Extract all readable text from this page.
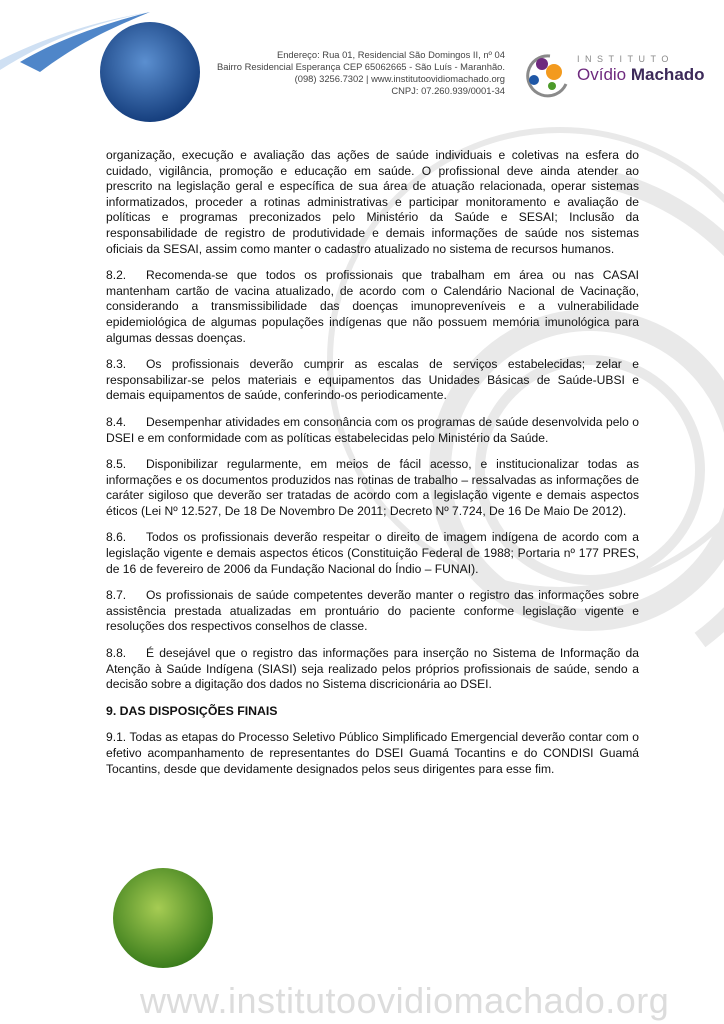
Endereço: Rua 01, Residencial São Domingos II, nº 04
Bairro Residencial Esperança CEP 65062665 - São Luís - Maranhão.
(098) 3256.7302 | www.institutoovidiomachado.org
CNPJ: 07.260.939/0001-34
INSTITUTO
Ovídio Machado

organização, execução e avaliação das ações de saúde individuais e coletivas na esfera do cuidado, vigilância, promoção e educação em saúde. O profissional deve ainda atender ao prescrito na legislação geral e específica de sua área de atuação relacionada, operar sistemas informatizados, proceder a rotinas administrativas e participar monitoramento e avaliação de políticas e programas preconizados pelo Ministério da Saúde e SESAI; Inclusão da responsabilidade de registro de produtividade e demais informações de saúde nos sistemas oficiais da SESAI, assim como manter o cadastro atualizado no sistema de recursos humanos.

8.2. Recomenda-se que todos os profissionais que trabalham em área ou nas CASAI mantenham cartão de vacina atualizado, de acordo com o Calendário Nacional de Vacinação, considerando a transmissibilidade das doenças imunopreveníveis e a vulnerabilidade epidemiológica de algumas populações indígenas que não possuem memória imunológica para algumas dessas doenças.

8.3. Os profissionais deverão cumprir as escalas de serviços estabelecidas; zelar e responsabilizar-se pelos materiais e equipamentos das Unidades Básicas de Saúde-UBSI e demais equipamentos de saúde, conferindo-os periodicamente.

8.4. Desempenhar atividades em consonância com os programas de saúde desenvolvida pelo o DSEI e em conformidade com as políticas estabelecidas pelo Ministério da Saúde.

8.5. Disponibilizar regularmente, em meios de fácil acesso, e institucionalizar todas as informações e os documentos produzidos nas rotinas de trabalho – ressalvadas as informações de caráter sigiloso que deverão ser tratadas de acordo com a legislação vigente e demais aspectos éticos (Lei Nº 12.527, De 18 De Novembro De 2011; Decreto Nº 7.724, De 16 De Maio De 2012).

8.6. Todos os profissionais deverão respeitar o direito de imagem indígena de acordo com a legislação vigente e demais aspectos éticos (Constituição Federal de 1988; Portaria nº 177 PRES, de 16 de fevereiro de 2006 da Fundação Nacional do Índio – FUNAI).

8.7. Os profissionais de saúde competentes deverão manter o registro das informações sobre assistência prestada atualizadas em prontuário do paciente conforme legislação vigente e resoluções dos respectivos conselhos de classe.

8.8. É desejável que o registro das informações para inserção no Sistema de Informação da Atenção à Saúde Indígena (SIASI) seja realizado pelos próprios profissionais de saúde, sendo a decisão sobre a digitação dos dados no Sistema discricionária ao DSEI.

9. DAS DISPOSIÇÕES FINAIS

9.1. Todas as etapas do Processo Seletivo Público Simplificado Emergencial deverão contar com o efetivo acompanhamento de representantes do DSEI Guamá Tocantins e do CONDISI Guamá Tocantins, desde que devidamente designados pelos seus dirigentes para esse fim.

www.institutoovidiomachado.org
